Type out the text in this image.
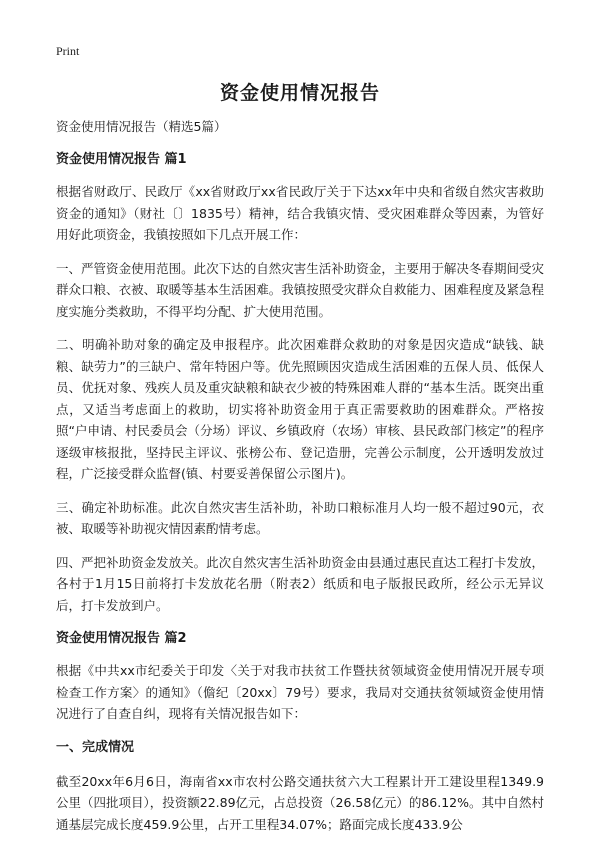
Print
资金使用情况报告

资金使用情况报告（精选5篇）

资金使用情况报告 篇1

根据省财政厅、民政厅《xx省财政厅xx省民政厅关于下达xx年中央和省级自然灾害救助资金的通知》（财社〔〕1835号）精神，结合我镇灾情、受灾困难群众等因素，为管好用好此项资金，我镇按照如下几点开展工作：

一、严管资金使用范围。此次下达的自然灾害生活补助资金，主要用于解决冬春期间受灾群众口粮、衣被、取暖等基本生活困难。我镇按照受灾群众自救能力、困难程度及紧急程度实施分类救助，不得平均分配、扩大使用范围。

二、明确补助对象的确定及申报程序。此次困难群众救助的对象是因灾造成“缺钱、缺粮、缺劳力”的三缺户、常年特困户等。优先照顾因灾造成生活困难的五保人员、低保人员、优抚对象、残疾人员及重灾缺粮和缺衣少被的特殊困难人群的“基本生活。既突出重点，又适当考虑面上的救助，切实将补助资金用于真正需要救助的困难群众。严格按照“户申请、村民委员会（分场）评议、乡镇政府（农场）审核、县民政部门核定”的程序逐级审核报批，坚持民主评议、张榜公布、登记造册，完善公示制度，公开透明发放过程，广泛接受群众监督(镇、村要妥善保留公示图片)。

三、确定补助标准。此次自然灾害生活补助，补助口粮标准月人均一般不超过90元，衣被、取暖等补助视灾情因素酌情考虑。

四、严把补助资金发放关。此次自然灾害生活补助资金由县通过惠民直达工程打卡发放，各村于1月15日前将打卡发放花名册（附表2）纸质和电子版报民政所，经公示无异议后，打卡发放到户。

资金使用情况报告 篇2

根据《中共xx市纪委关于印发〈关于对我市扶贫工作暨扶贫领域资金使用情况开展专项检查工作方案〉的通知》（儋纪〔20xx〕79号）要求，我局对交通扶贫领域资金使用情况进行了自查自纠，现将有关情况报告如下：

一、完成情况

截至20xx年6月6日，海南省xx市农村公路交通扶贫六大工程累计开工建设里程1349.9公里（四批项目），投资额22.89亿元，占总投资（26.58亿元）的86.12%。其中自然村通基层完成长度459.9公里，占开工里程34.07%；路面完成长度433.9公
